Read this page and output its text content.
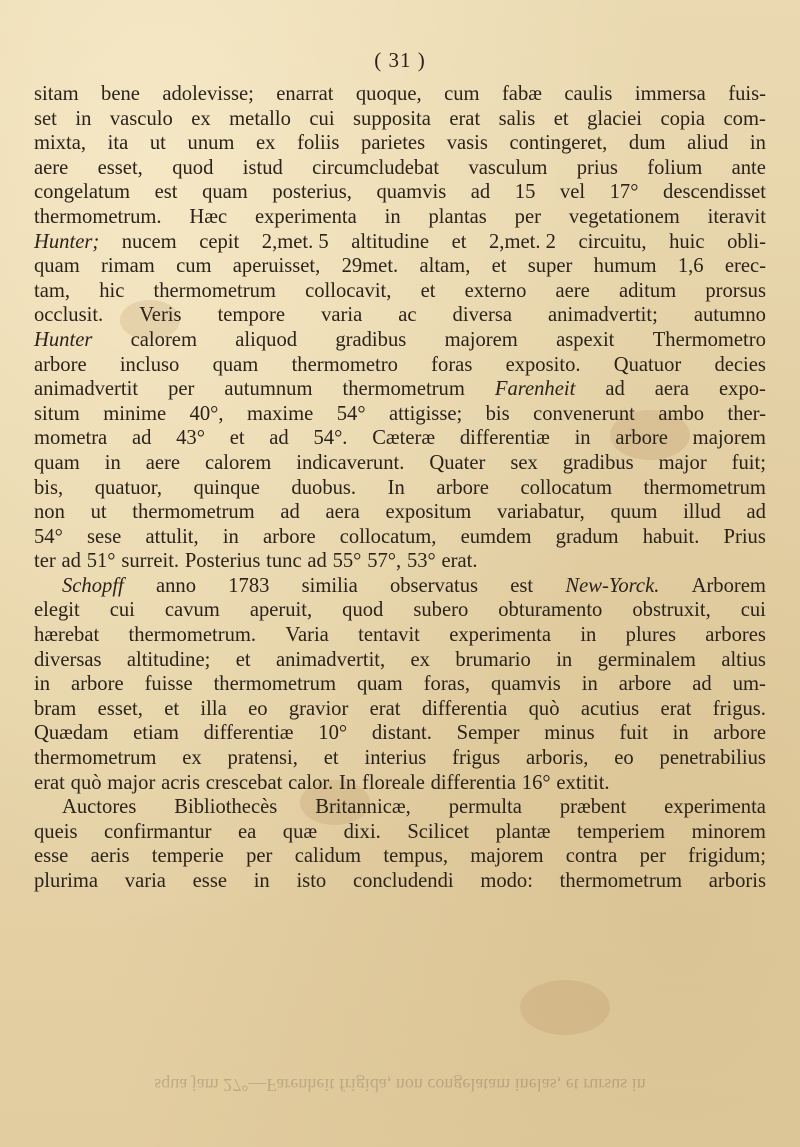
( 31 )
sitam bene adolevisse; enarrat quoque, cum fabæ caulis immersa fuis-
set in vasculo ex metallo cui supposita erat salis et glaciei copia com-
mixta, ita ut unum ex foliis parietes vasis contingeret, dum aliud in
aere esset, quod istud circumcludebat vasculum prius folium ante
congelatum est quam posterius, quamvis ad 15 vel 17° descendisset
thermometrum. Hæc experimenta in plantas per vegetationem iteravit
Hunter; nucem cepit 2,met. 5 altitudine et 2,met. 2 circuitu, huic obli-
quam rimam cum aperuisset, 29met. altam, et super humum 1,6 erec-
tam, hic thermometrum collocavit, et externo aere aditum prorsus
occlusit. Veris tempore varia ac diversa animadvertit; autumno
Hunter calorem aliquod gradibus majorem aspexit Thermometro
arbore incluso quam thermometro foras exposito. Quatuor decies
animadvertit per autumnum thermometrum Farenheit ad aera expo-
situm minime 40°, maxime 54° attigisse; bis convenerunt ambo ther-
mometra ad 43° et ad 54°. Cæteræ differentiæ in arbore majorem
quam in aere calorem indicaverunt. Quater sex gradibus major fuit;
bis, quatuor, quinque duobus. In arbore collocatum thermometrum
non ut thermometrum ad aera expositum variabatur, quum illud ad
54° sese attulit, in arbore collocatum, eumdem gradum habuit. Prius
ter ad 51° surreit. Posterius tunc ad 55° 57°, 53° erat.
Schopff anno 1783 similia observatus est New-Yorck. Arborem
elegit cui cavum aperuit, quod subero obturamento obstruxit, cui
hærebat thermometrum. Varia tentavit experimenta in plures arbores
diversas altitudine; et animadvertit, ex brumario in germinalem altius
in arbore fuisse thermometrum quam foras, quamvis in arbore ad um-
bram esset, et illa eo gravior erat differentia quò acutius erat frigus.
Quædam etiam differentiæ 10° distant. Semper minus fuit in arbore
thermometrum ex pratensi, et interius frigus arboris, eo penetrabilius
erat quò major acris crescebat calor. In floreale differentia 16° extitit.
Auctores Bibliothecès Britannicæ, permulta præbent experimenta
queis confirmantur ea quæ dixi. Scilicet plantæ temperiem minorem
esse aeris temperie per calidum tempus, majorem contra per frigidum;
plurima varia esse in isto concludendi modo: thermometrum arboris
squa jam 27°—Farenheit frigida, non congelatam inelas, et rursus in
